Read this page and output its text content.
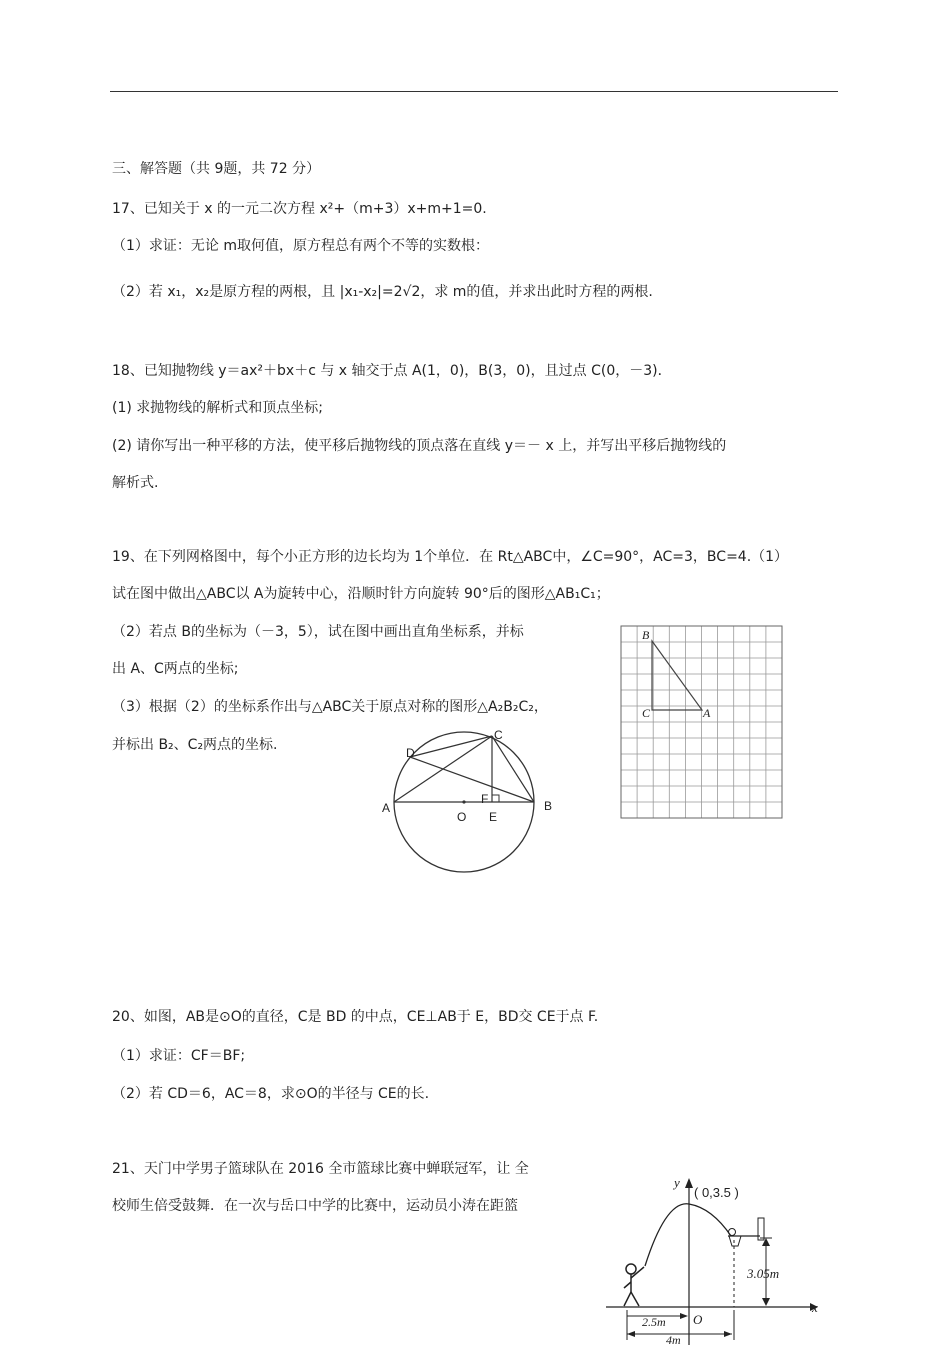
三、解答题（共 9题，共 72 分）
17、已知关于 x 的一元二次方程 x²+（m+3）x+m+1=0.
（1）求证：无论 m取何值，原方程总有两个不等的实数根：
（2）若 x₁，x₂是原方程的两根，且 |x₁-x₂|=2√2，求 m的值，并求出此时方程的两根.
18、已知抛物线 y＝ax²＋bx＋c 与 x 轴交于点 A(1，0)，B(3，0)，且过点 C(0，－3)．
(1) 求抛物线的解析式和顶点坐标;
(2) 请你写出一种平移的方法，使平移后抛物线的顶点落在直线 y＝－ x 上，并写出平移后抛物线的
解析式.
19、在下列网格图中，每个小正方形的边长均为 1个单位．在 Rt△ABC中，∠C=90°，AC=3，BC=4.（1）
试在图中做出△ABC以 A为旋转中心，沿顺时针方向旋转 90°后的图形△AB₁C₁；
（2）若点 B的坐标为（－3，5），试在图中画出直角坐标系，并标
出 A、C两点的坐标;
（3）根据（2）的坐标系作出与△ABC关于原点对称的图形△A₂B₂C₂，
并标出 B₂、C₂两点的坐标.
B
C	A
A	B
C
D
O E
F
20、如图，AB是⊙O的直径，C是 BD 的中点，CE⊥AB于 E，BD交 CE于点 F.
（1）求证：CF＝BF;
（2）若 CD＝6，AC＝8，求⊙O的半径与 CE的长.
21、天门中学男子篮球队在 2016 全市篮球比赛中蝉联冠军，让 全
校师生倍受鼓舞．在一次与岳口中学的比赛中，运动员小涛在距篮
y
x
( 0,3.5 )
3.05m
2.5m
4m
O
